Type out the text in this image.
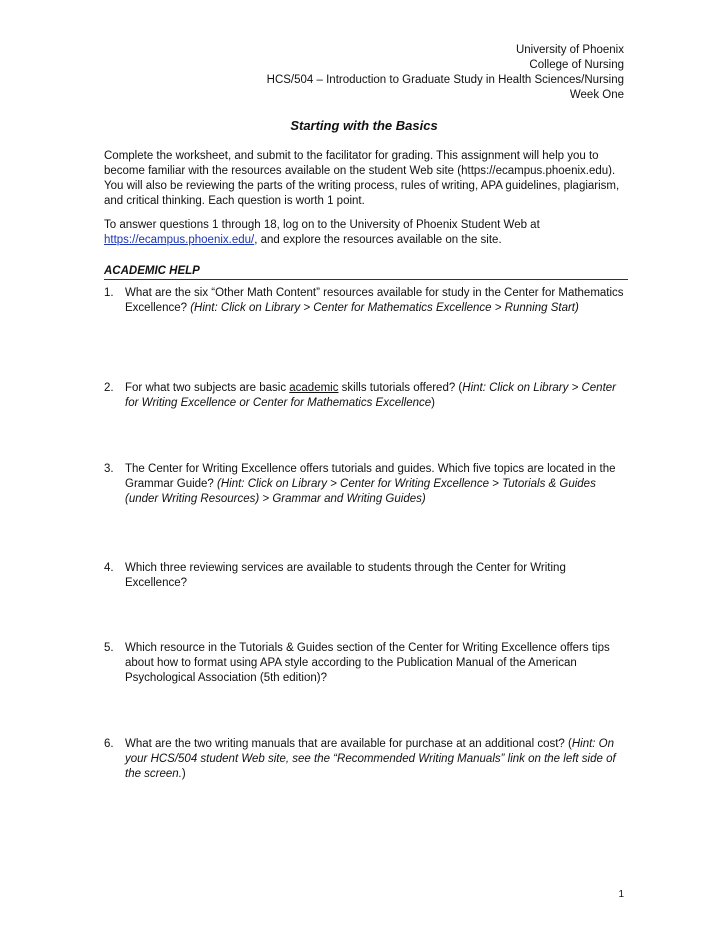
University of Phoenix
College of Nursing
HCS/504 – Introduction to Graduate Study in Health Sciences/Nursing
Week One
Starting with the Basics
Complete the worksheet, and submit to the facilitator for grading. This assignment will help you to become familiar with the resources available on the student Web site (https://ecampus.phoenix.edu). You will also be reviewing the parts of the writing process, rules of writing, APA guidelines, plagiarism, and critical thinking. Each question is worth 1 point.
To answer questions 1 through 18, log on to the University of Phoenix Student Web at https://ecampus.phoenix.edu/, and explore the resources available on the site.
ACADEMIC HELP
1. What are the six “Other Math Content” resources available for study in the Center for Mathematics Excellence? (Hint: Click on Library > Center for Mathematics Excellence > Running Start)
2. For what two subjects are basic academic skills tutorials offered? (Hint: Click on Library > Center for Writing Excellence or Center for Mathematics Excellence)
3. The Center for Writing Excellence offers tutorials and guides. Which five topics are located in the Grammar Guide? (Hint: Click on Library > Center for Writing Excellence > Tutorials & Guides (under Writing Resources) > Grammar and Writing Guides)
4. Which three reviewing services are available to students through the Center for Writing Excellence?
5. Which resource in the Tutorials & Guides section of the Center for Writing Excellence offers tips about how to format using APA style according to the Publication Manual of the American Psychological Association (5th edition)?
6. What are the two writing manuals that are available for purchase at an additional cost? (Hint: On your HCS/504 student Web site, see the “Recommended Writing Manuals” link on the left side of the screen.)
1
